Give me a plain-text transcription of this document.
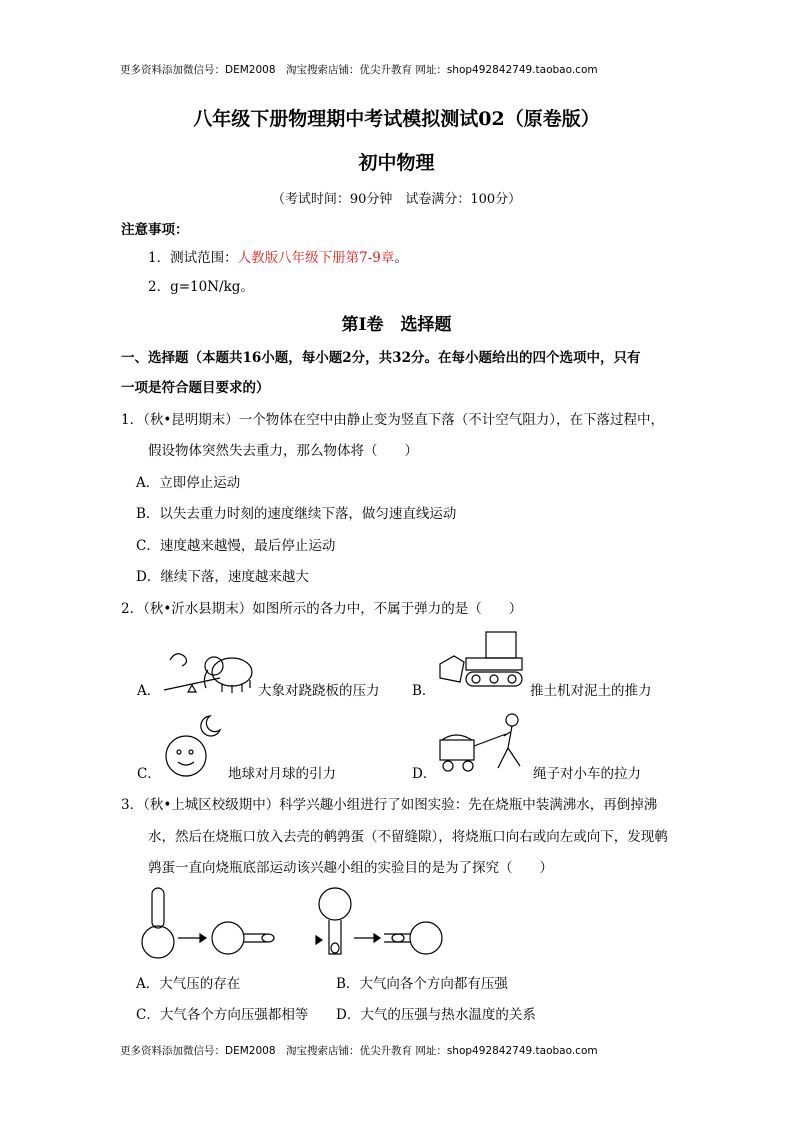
更多资料添加微信号：DEM2008　淘宝搜索店铺：优尖升教育 网址：shop492842749.taobao.com
更多资料添加微信号：DEM2008　淘宝搜索店铺：优尖升教育 网址：shop492842749.taobao.com
八年级下册物理期中考试模拟测试02（原卷版）
初中物理
（考试时间：90分钟　试卷满分：100分）
注意事项：
1．测试范围：人教版八年级下册第7-9章。
2．g=10N/kg。
第Ⅰ卷　选择题
一、选择题（本题共16小题，每小题2分，共32分。在每小题给出的四个选项中，只有
一项是符合题目要求的）
1．（秋•昆明期末）一个物体在空中由静止变为竖直下落（不计空气阻力），在下落过程中，
假设物体突然失去重力，那么物体将（　　）
A．立即停止运动
B．以失去重力时刻的速度继续下落，做匀速直线运动
C．速度越来越慢，最后停止运动
D．继续下落，速度越来越大
2．（秋•沂水县期末）如图所示的各力中，不属于弹力的是（　　）
A．	大象对跷跷板的压力 B．	推土机对泥土的推力
C．	地球对月球的引力	D．	绳子对小车的拉力
3．（秋•上城区校级期中）科学兴趣小组进行了如图实验：先在烧瓶中装满沸水，再倒掉沸
水，然后在烧瓶口放入去壳的鹌鹑蛋（不留缝隙），将烧瓶口向右或向左或向下，发现鹌
鹑蛋一直向烧瓶底部运动该兴趣小组的实验目的是为了探究（　　）
A．大气压的存在	B．大气向各个方向都有压强
C．大气各个方向压强都相等 D．大气的压强与热水温度的关系
